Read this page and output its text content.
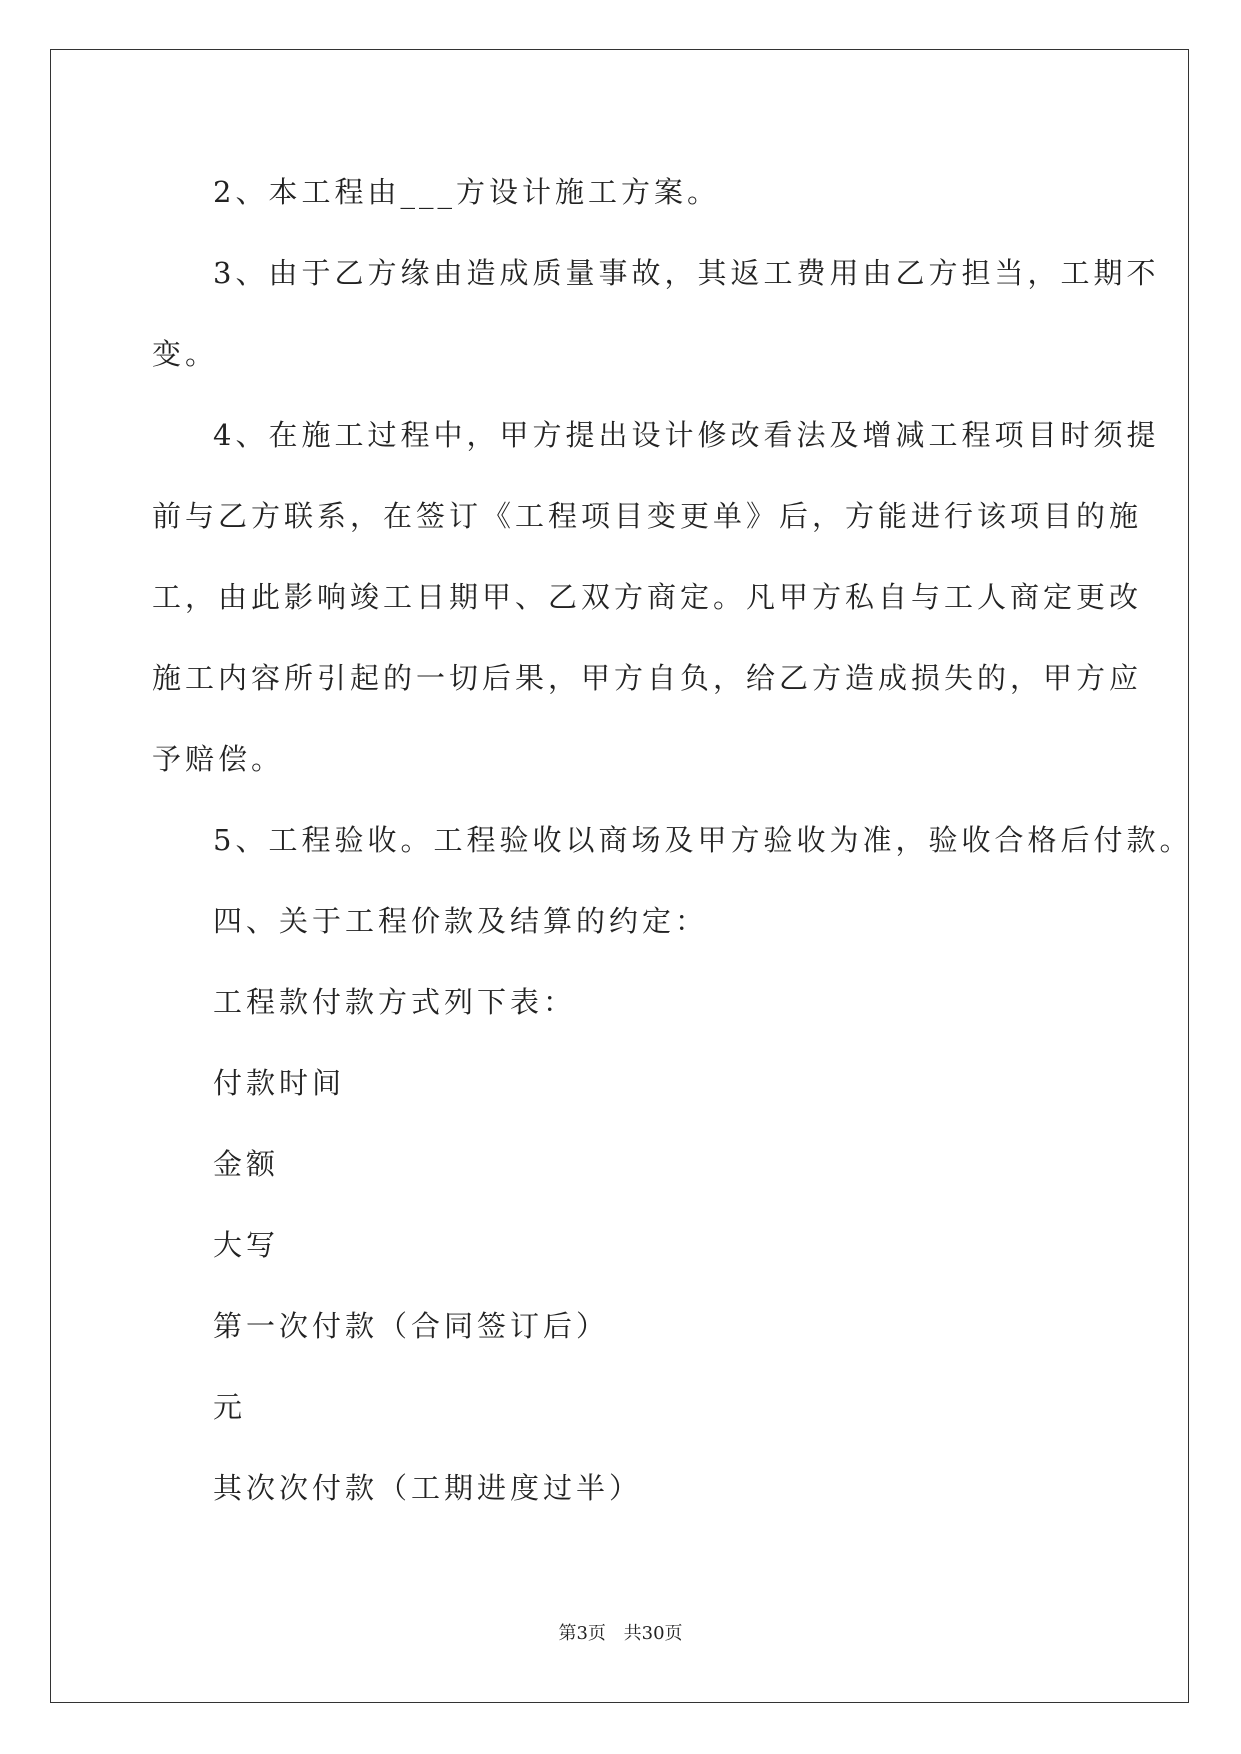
2、本工程由___方设计施工方案。
3、由于乙方缘由造成质量事故，其返工费用由乙方担当，工期不
变。
4、在施工过程中，甲方提出设计修改看法及增减工程项目时须提
前与乙方联系，在签订《工程项目变更单》后，方能进行该项目的施
工，由此影响竣工日期甲、乙双方商定。凡甲方私自与工人商定更改
施工内容所引起的一切后果，甲方自负，给乙方造成损失的，甲方应
予赔偿。
5、工程验收。工程验收以商场及甲方验收为准，验收合格后付款。
四、关于工程价款及结算的约定：
工程款付款方式列下表：
付款时间
金额
大写
第一次付款（合同签订后）
元
其次次付款（工期进度过半）
第3页 共30页
